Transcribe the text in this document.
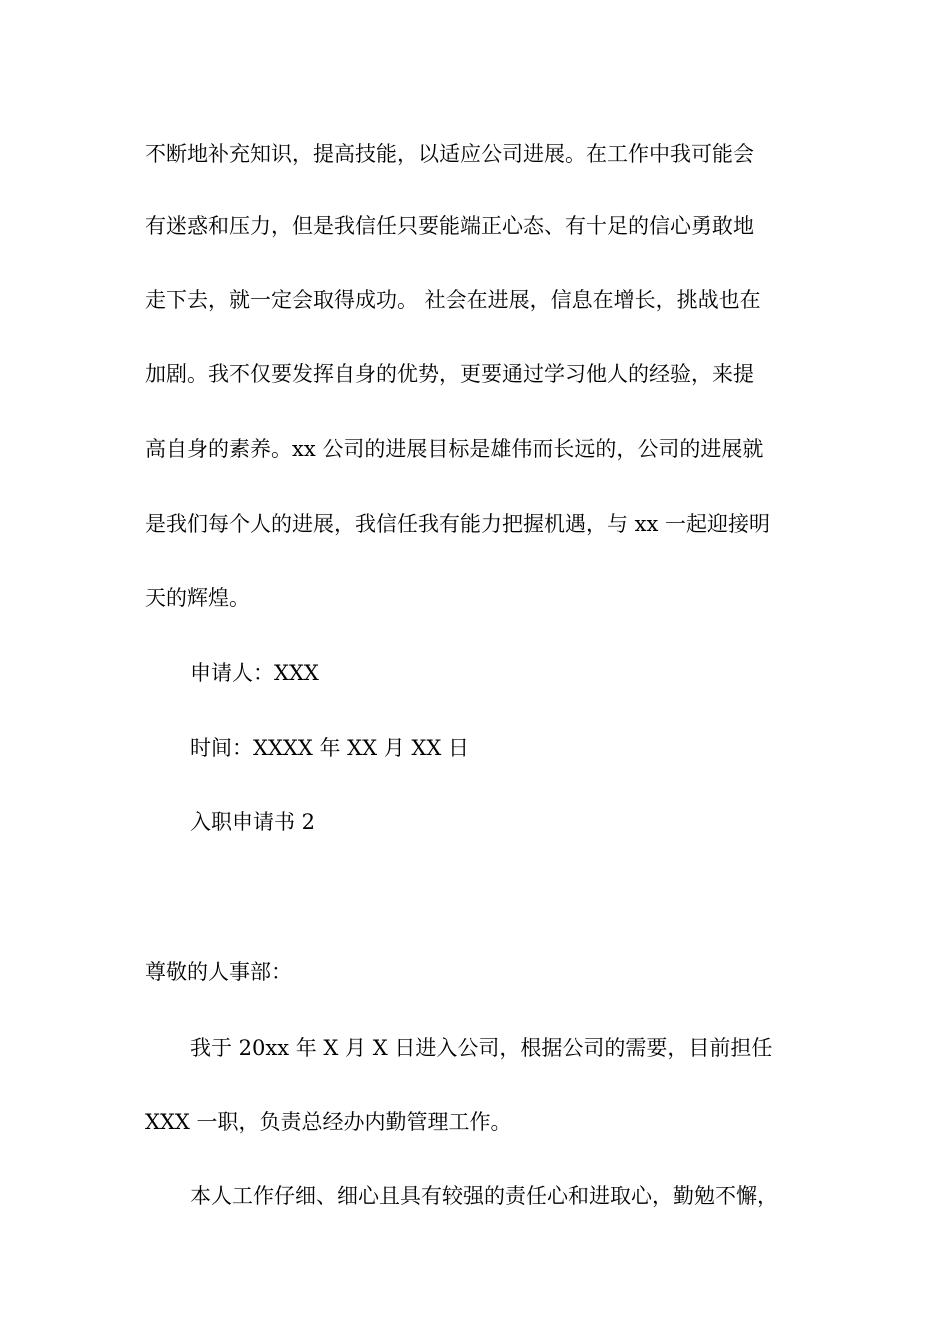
不断地补充知识，提高技能，以适应公司进展。在工作中我可能会
有迷惑和压力，但是我信任只要能端正心态、有十足的信心勇敢地
走下去，就一定会取得成功。 社会在进展，信息在增长，挑战也在
加剧。我不仅要发挥自身的优势，更要通过学习他人的经验，来提
高自身的素养。xx 公司的进展目标是雄伟而长远的，公司的进展就
是我们每个人的进展，我信任我有能力把握机遇，与 xx 一起迎接明
天的辉煌。
申请人：XXX
时间：XXXX 年 XX 月 XX 日
入职申请书 2
尊敬的人事部：
我于 20xx 年 X 月 X 日进入公司，根据公司的需要，目前担任
XXX 一职，负责总经办内勤管理工作。
本人工作仔细、细心且具有较强的责任心和进取心，勤勉不懈，
